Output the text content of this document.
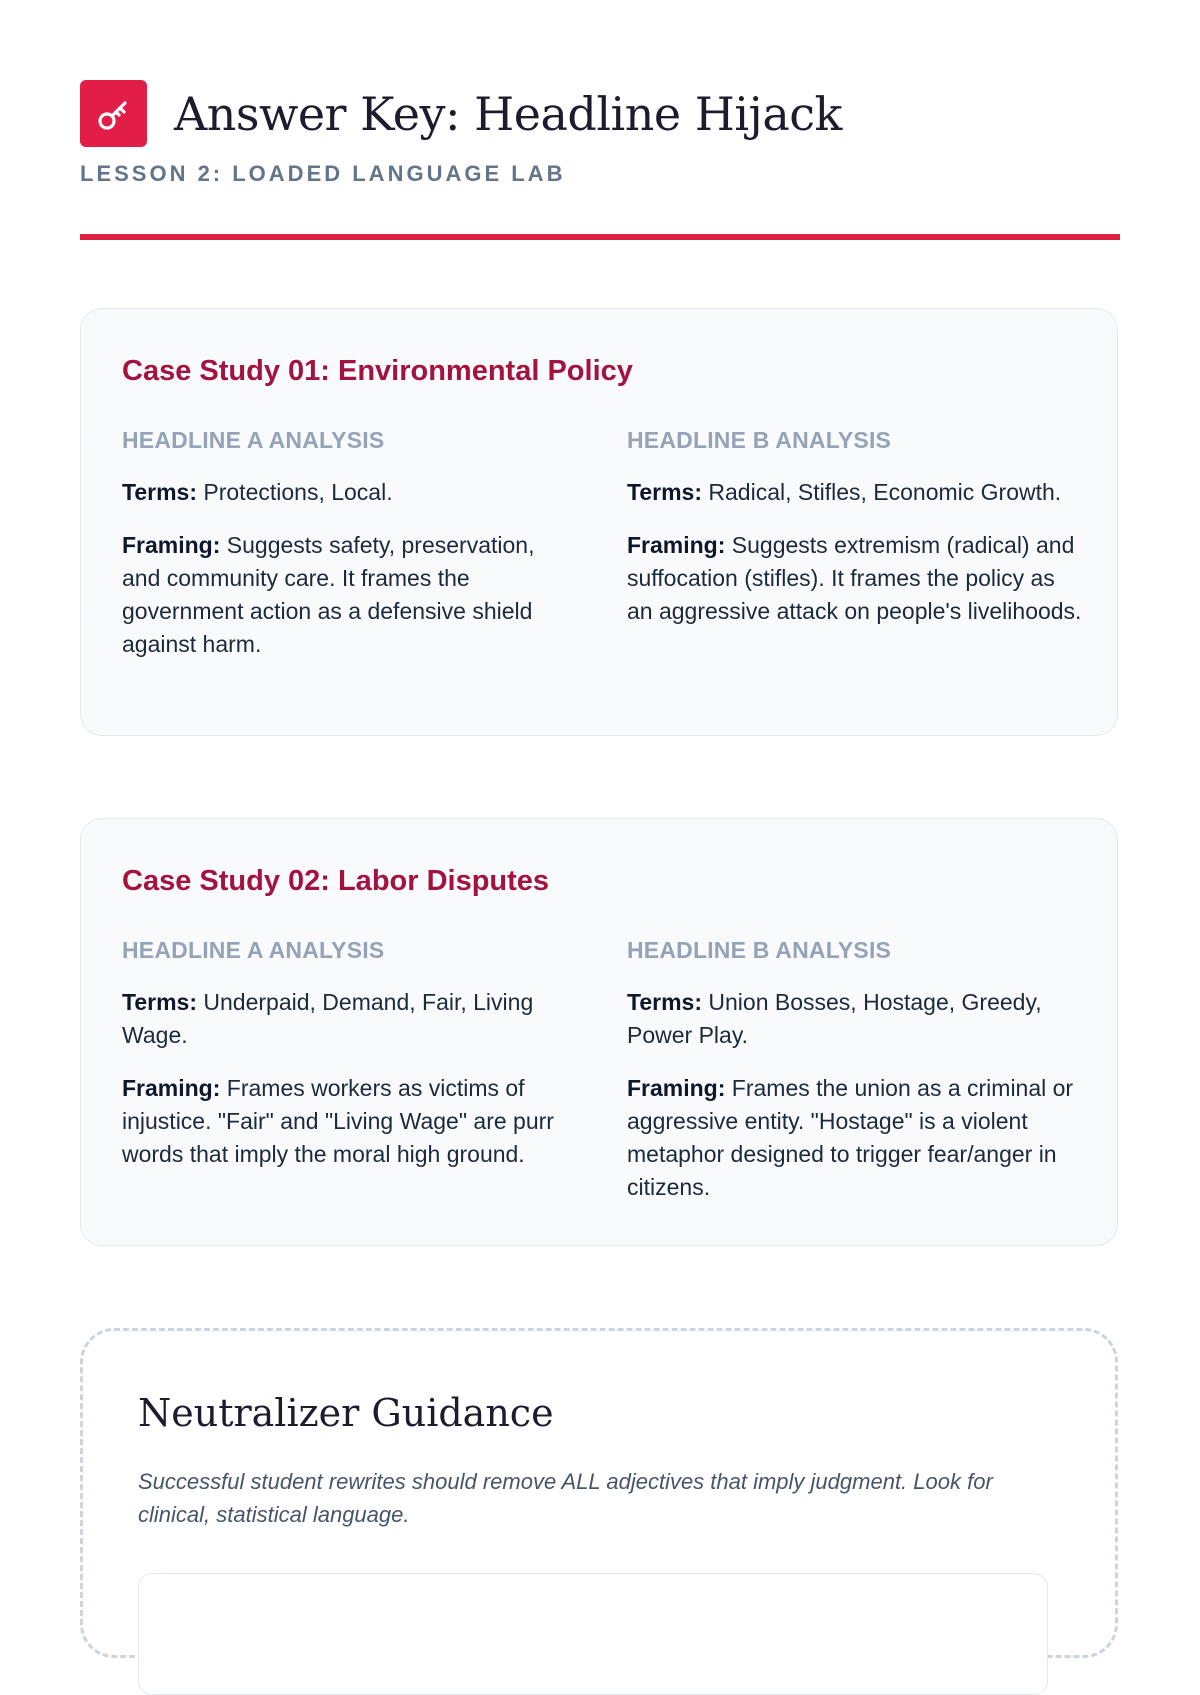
Answer Key: Headline Hijack
LESSON 2: LOADED LANGUAGE LAB
Case Study 01: Environmental Policy
HEADLINE A ANALYSIS
Terms: Protections, Local.
Framing: Suggests safety, preservation, and community care. It frames the government action as a defensive shield against harm.
HEADLINE B ANALYSIS
Terms: Radical, Stifles, Economic Growth.
Framing: Suggests extremism (radical) and suffocation (stifles). It frames the policy as an aggressive attack on people's livelihoods.
Case Study 02: Labor Disputes
HEADLINE A ANALYSIS
Terms: Underpaid, Demand, Fair, Living Wage.
Framing: Frames workers as victims of injustice. "Fair" and "Living Wage" are purr words that imply the moral high ground.
HEADLINE B ANALYSIS
Terms: Union Bosses, Hostage, Greedy, Power Play.
Framing: Frames the union as a criminal or aggressive entity. "Hostage" is a violent metaphor designed to trigger fear/anger in citizens.
Neutralizer Guidance
Successful student rewrites should remove ALL adjectives that imply judgment. Look for clinical, statistical language.
